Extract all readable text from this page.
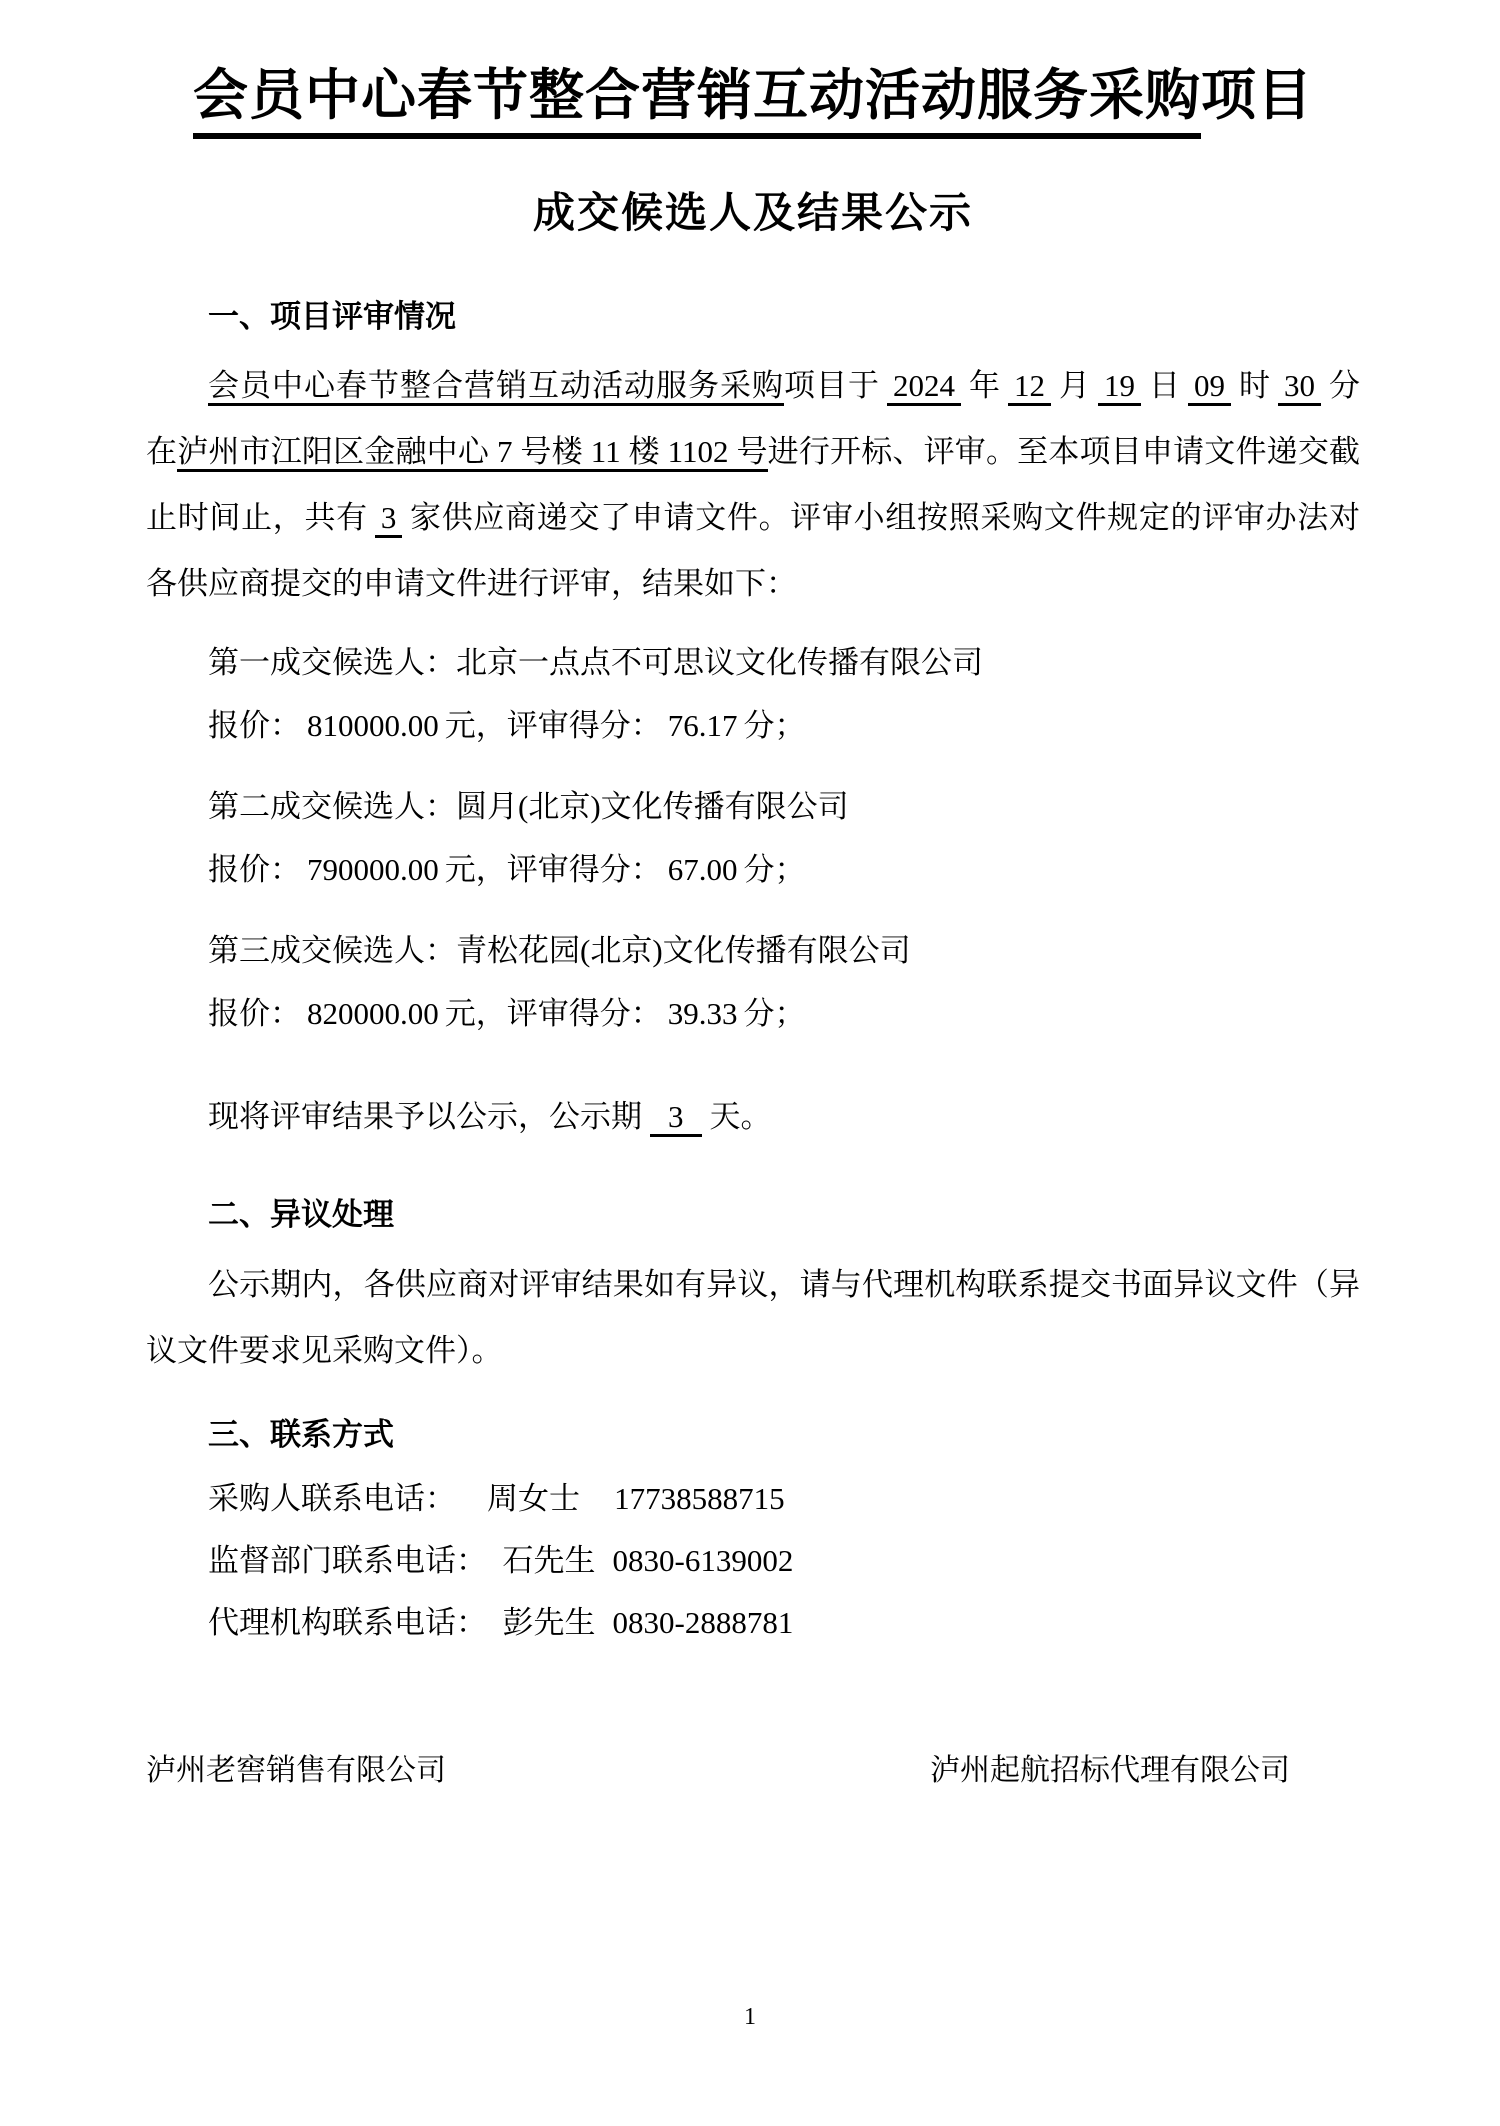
会员中心春节整合营销互动活动服务采购项目
成交候选人及结果公示
一、项目评审情况

会员中心春节整合营销互动活动服务采购项目于 2024 年 12 月 19 日 09 时 30 分在泸州市江阳区金融中心 7 号楼 11 楼 1102 号进行开标、评审。至本项目申请文件递交截止时间止，共有 3 家供应商递交了申请文件。评审小组按照采购文件规定的评审办法对各供应商提交的申请文件进行评审，结果如下：

第一成交候选人：北京一点点不可思议文化传播有限公司
报价： 810000.00 元，评审得分： 76.17 分；
第二成交候选人：圆月(北京)文化传播有限公司
报价： 790000.00 元，评审得分： 67.00 分；
第三成交候选人：青松花园(北京)文化传播有限公司
报价： 820000.00 元，评审得分： 39.33 分；
现将评审结果予以公示，公示期 3 天。
二、异议处理

公示期内，各供应商对评审结果如有异议，请与代理机构联系提交书面异议文件（异议文件要求见采购文件）。

三、联系方式
采购人联系电话： 周女士 17738588715
监督部门联系电话： 石先生 0830-6139002
代理机构联系电话： 彭先生 0830-2888781
泸州老窖销售有限公司	泸州起航招标代理有限公司
1
